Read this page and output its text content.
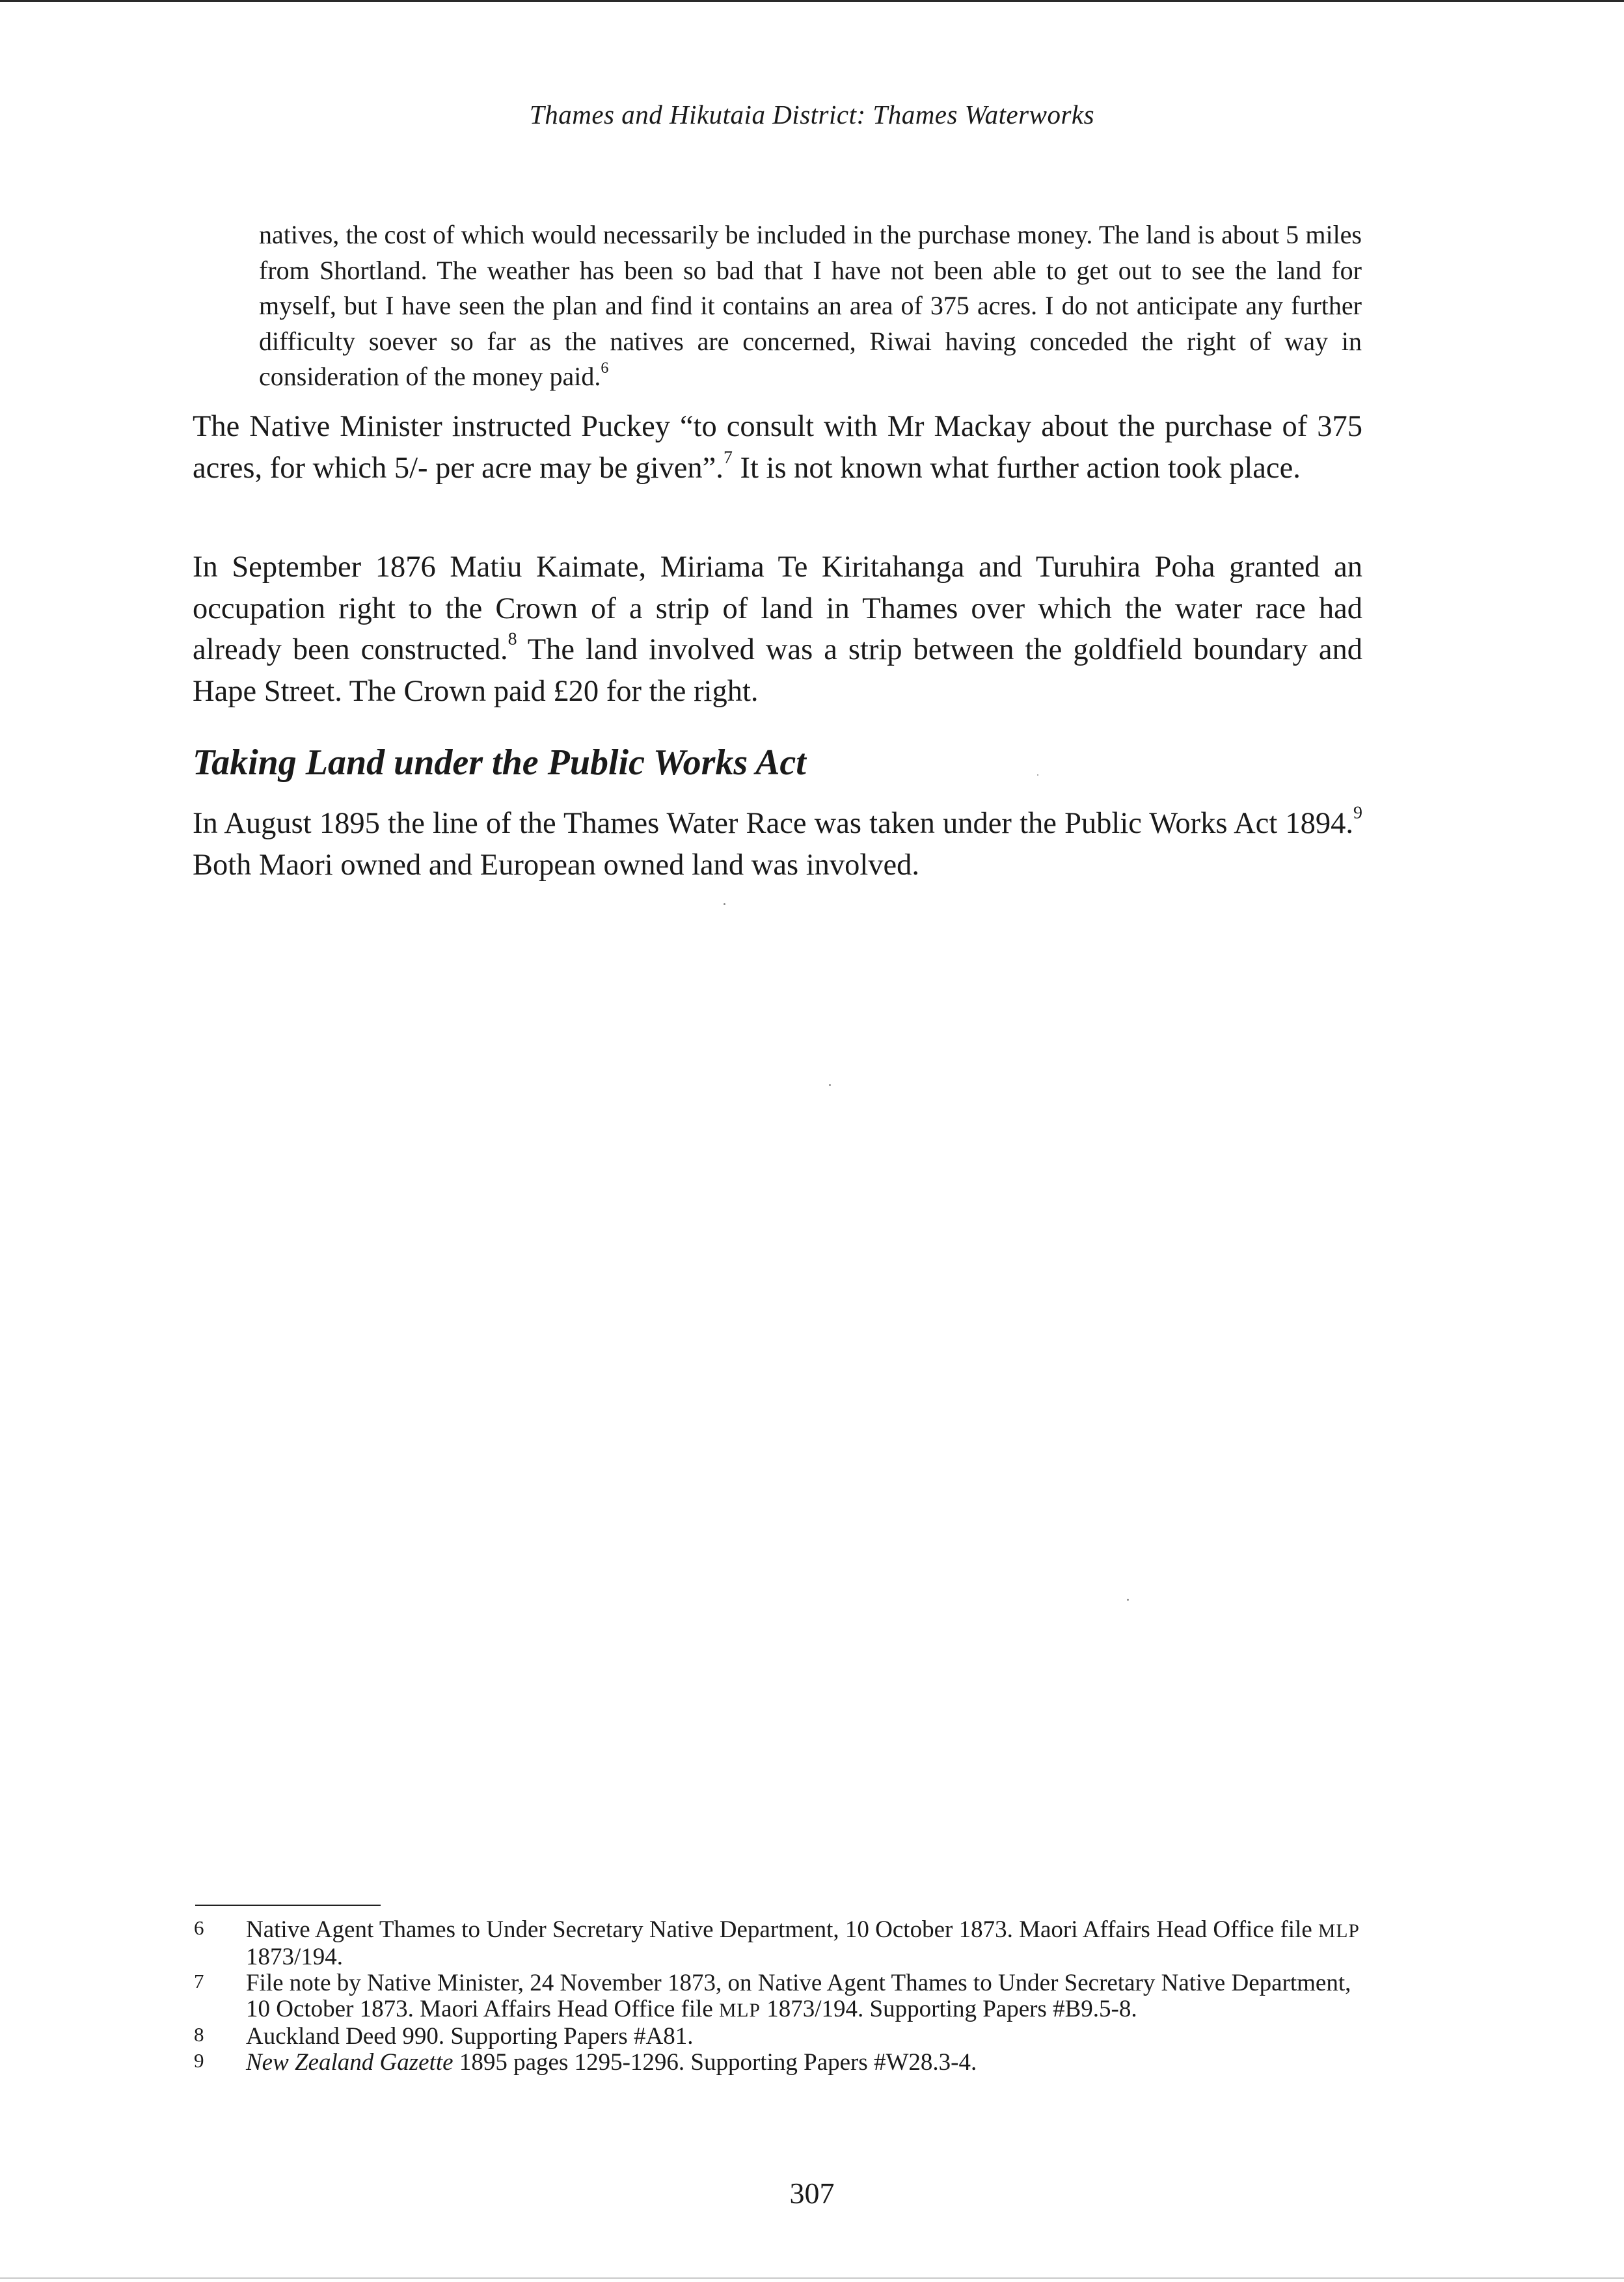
Thames and Hikutaia District: Thames Waterworks
natives, the cost of which would necessarily be included in the purchase money. The land is about 5 miles from Shortland. The weather has been so bad that I have not been able to get out to see the land for myself, but I have seen the plan and find it contains an area of 375 acres. I do not anticipate any further difficulty soever so far as the natives are concerned, Riwai having conceded the right of way in consideration of the money paid.$^6$

The Native Minister instructed Puckey “to consult with Mr Mackay about the purchase of 375 acres, for which 5/- per acre may be given”.$^7$ It is not known what further action took place.

In September 1876 Matiu Kaimate, Miriama Te Kiritahanga and Turuhira Poha granted an occupation right to the Crown of a strip of land in Thames over which the water race had already been constructed.$^8$ The land involved was a strip between the goldfield boundary and Hape Street. The Crown paid £20 for the right.

Taking Land under the Public Works Act

In August 1895 the line of the Thames Water Race was taken under the Public Works Act 1894.$^9$ Both Maori owned and European owned land was involved.

6 Native Agent Thames to Under Secretary Native Department, 10 October 1873. Maori Affairs Head Office file MLP 1873/194.
7 File note by Native Minister, 24 November 1873, on Native Agent Thames to Under Secretary Native Department, 10 October 1873. Maori Affairs Head Office file MLP 1873/194. Supporting Papers #B9.5-8.
8 Auckland Deed 990. Supporting Papers #A81.
9 New Zealand Gazette 1895 pages 1295-1296. Supporting Papers #W28.3-4.
307
